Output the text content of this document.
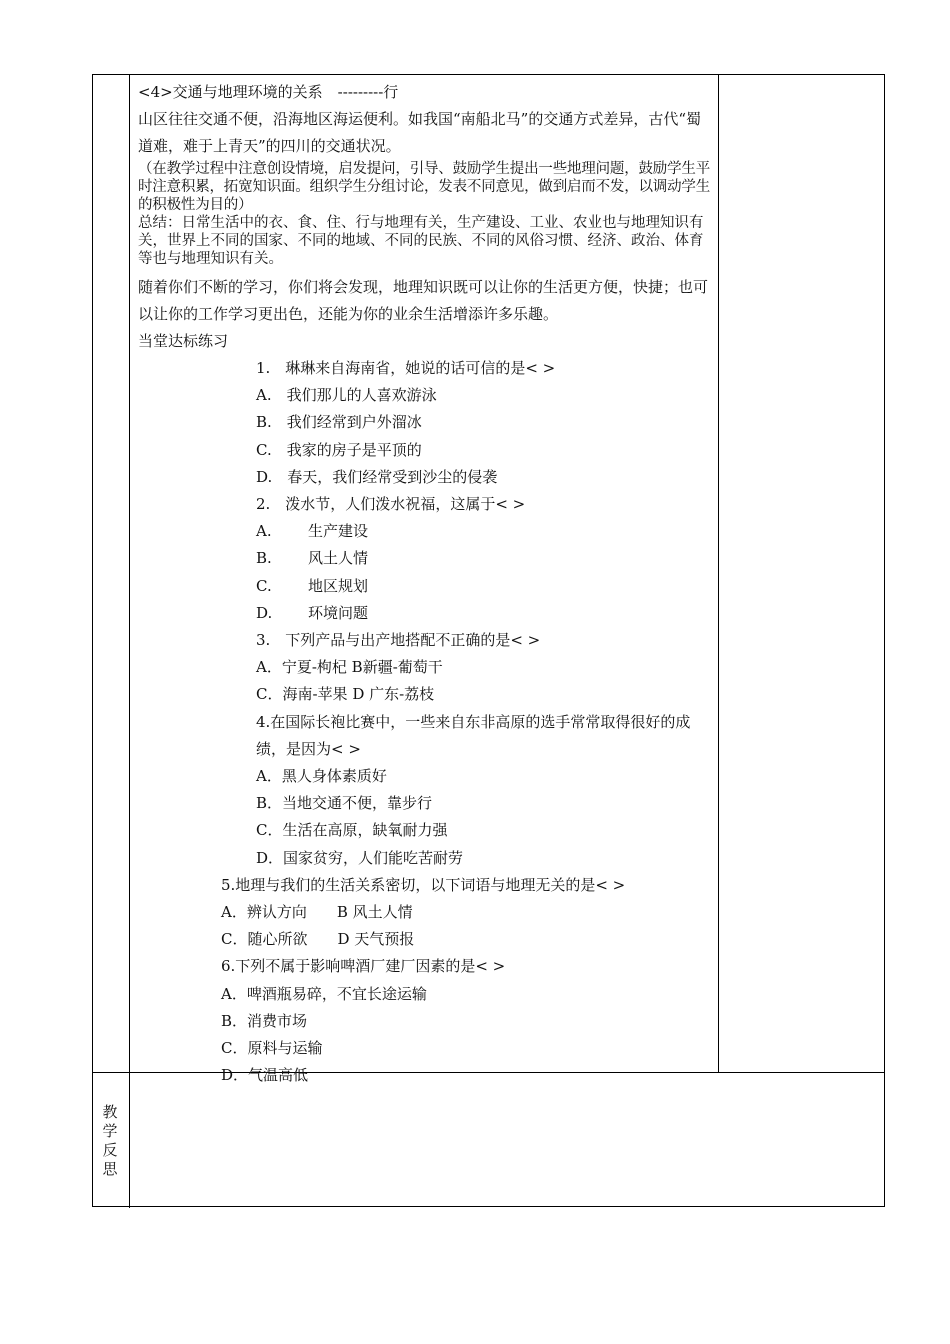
<4>交通与地理环境的关系　---------行

山区往往交通不便，沿海地区海运便利。如我国“南船北马”的交通方式差异，古代“蜀道难，难于上青天”的四川的交通状况。

（在教学过程中注意创设情境，启发提问，引导、鼓励学生提出一些地理问题，鼓励学生平时注意积累，拓宽知识面。组织学生分组讨论，发表不同意见，做到启而不发，以调动学生的积极性为目的）

总结：日常生活中的衣、食、住、行与地理有关，生产建设、工业、农业也与地理知识有关，世界上不同的国家、不同的地域、不同的民族、不同的风俗习惯、经济、政治、体育等也与地理知识有关。

随着你们不断的学习，你们将会发现，地理知识既可以让你的生活更方便，快捷；也可以让你的工作学习更出色，还能为你的业余生活增添许多乐趣。

当堂达标练习

1.　琳琳来自海南省，她说的话可信的是< >

A.　我们那儿的人喜欢游泳

B.　我们经常到户外溜冰

C.　我家的房子是平顶的

D.　春天，我们经常受到沙尘的侵袭

2.　泼水节，人们泼水祝福，这属于< >

A. 生产建设

B. 风土人情

C. 地区规划

D. 环境问题

3.　下列产品与出产地搭配不正确的是< >

A．宁夏-枸杞 B新疆-葡萄干

C．海南-苹果 D 广东-荔枝

4.在国际长袍比赛中，一些来自东非高原的选手常常取得很好的成绩，是因为< >

A．黑人身体素质好

B．当地交通不便，靠步行

C．生活在高原，缺氧耐力强

D．国家贫穷，人们能吃苦耐劳

5.地理与我们的生活关系密切，以下词语与地理无关的是< >

A．辨认方向　　B 风土人情

C．随心所欲　　D 天气预报

6.下列不属于影响啤酒厂建厂因素的是< >

A．啤酒瓶易碎，不宜长途运输

B．消费市场

C．原料与运输

D．气温高低

教
学
反
思
